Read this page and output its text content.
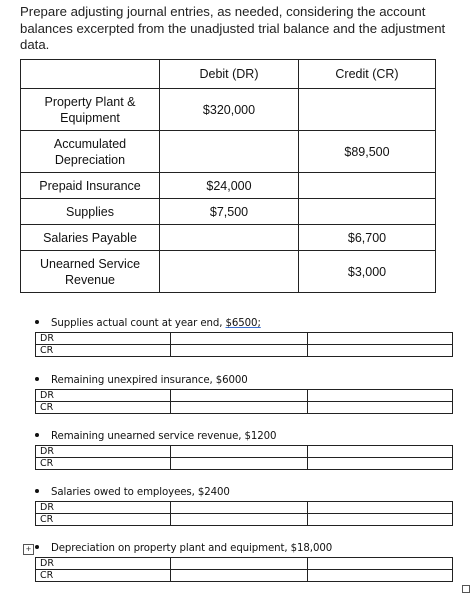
Prepare adjusting journal entries, as needed, considering the account balances excerpted from the unadjusted trial balance and the adjustment data.
	Debit (DR)	Credit (CR)
Property Plant & Equipment	$320,000	
Accumulated Depreciation		$89,500
Prepaid Insurance	$24,000	
Supplies	$7,500	
Salaries Payable		$6,700
Unearned Service Revenue		$3,000
Supplies actual count at year end, $6500;
DR		
CR		
Remaining unexpired insurance, $6000
DR		
CR		
Remaining unearned service revenue, $1200
DR		
CR		
Salaries owed to employees, $2400
DR		
CR		
+	Depreciation on property plant and equipment, $18,000
DR		
CR		
